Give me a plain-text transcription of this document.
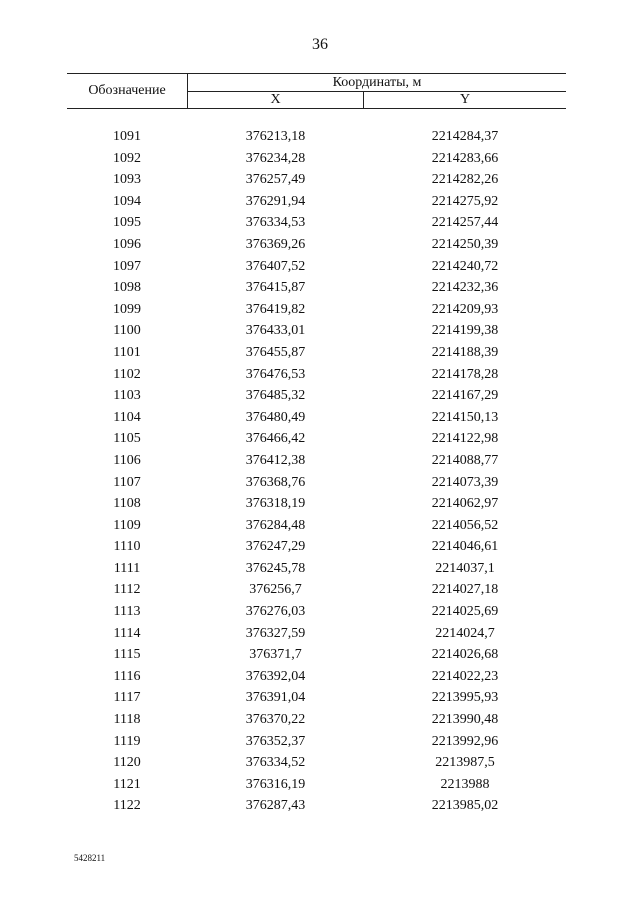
36
Обозначение
Координаты, м
X	Y
1091	376213,18	2214284,37
1092	376234,28	2214283,66
1093	376257,49	2214282,26
1094	376291,94	2214275,92
1095	376334,53	2214257,44
1096	376369,26	2214250,39
1097	376407,52	2214240,72
1098	376415,87	2214232,36
1099	376419,82	2214209,93
1100	376433,01	2214199,38
1101	376455,87	2214188,39
1102	376476,53	2214178,28
1103	376485,32	2214167,29
1104	376480,49	2214150,13
1105	376466,42	2214122,98
1106	376412,38	2214088,77
1107	376368,76	2214073,39
1108	376318,19	2214062,97
1109	376284,48	2214056,52
1110	376247,29	2214046,61
1111	376245,78	2214037,1
1112	376256,7	2214027,18
1113	376276,03	2214025,69
1114	376327,59	2214024,7
1115	376371,7	2214026,68
1116	376392,04	2214022,23
1117	376391,04	2213995,93
1118	376370,22	2213990,48
1119	376352,37	2213992,96
1120	376334,52	2213987,5
1121	376316,19	2213988
1122	376287,43	2213985,02
5428211
